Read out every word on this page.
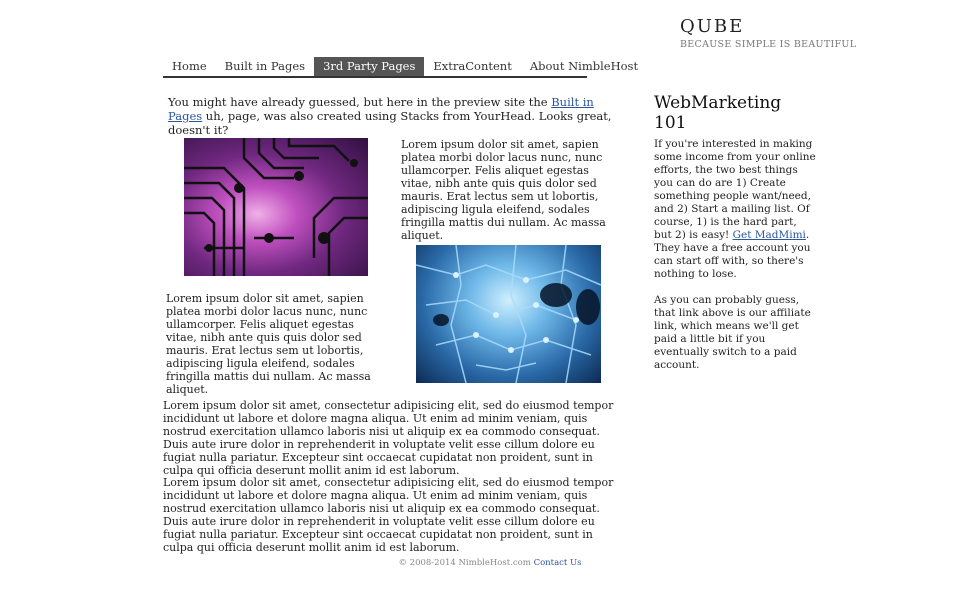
QUBE
BECAUSE SIMPLE IS BEAUTIFUL
Home	Built in Pages	3rd Party Pages	ExtraContent	About NimbleHost
You might have already guessed, but here in the preview site the Built in Pages uh, page, was also created using Stacks from YourHead. Looks great, doesn't it?
Lorem ipsum dolor sit amet, sapien platea morbi dolor lacus nunc, nunc ullamcorper. Felis aliquet egestas vitae, nibh ante quis quis dolor sed mauris. Erat lectus sem ut lobortis, adipiscing ligula eleifend, sodales fringilla mattis dui nullam. Ac massa aliquet.
Lorem ipsum dolor sit amet, sapien platea morbi dolor lacus nunc, nunc ullamcorper. Felis aliquet egestas vitae, nibh ante quis quis dolor sed mauris. Erat lectus sem ut lobortis, adipiscing ligula eleifend, sodales fringilla mattis dui nullam. Ac massa aliquet.
Lorem ipsum dolor sit amet, consectetur adipisicing elit, sed do eiusmod tempor incididunt ut labore et dolore magna aliqua. Ut enim ad minim veniam, quis nostrud exercitation ullamco laboris nisi ut aliquip ex ea commodo consequat. Duis aute irure dolor in reprehenderit in voluptate velit esse cillum dolore eu fugiat nulla pariatur. Excepteur sint occaecat cupidatat non proident, sunt in culpa qui officia deserunt mollit anim id est laborum.
Lorem ipsum dolor sit amet, consectetur adipisicing elit, sed do eiusmod tempor incididunt ut labore et dolore magna aliqua. Ut enim ad minim veniam, quis nostrud exercitation ullamco laboris nisi ut aliquip ex ea commodo consequat. Duis aute irure dolor in reprehenderit in voluptate velit esse cillum dolore eu fugiat nulla pariatur. Excepteur sint occaecat cupidatat non proident, sunt in culpa qui officia deserunt mollit anim id est laborum.
WebMarketing 101

If you're interested in making some income from your online efforts, the two best things you can do are 1) Create something people want/need, and 2) Start a mailing list. Of course, 1) is the hard part, but 2) is easy! Get MadMimi. They have a free account you can start off with, so there's nothing to lose.

As you can probably guess, that link above is our affiliate link, which means we'll get paid a little bit if you eventually switch to a paid account.

© 2008-2014 NimbleHost.com Contact Us
